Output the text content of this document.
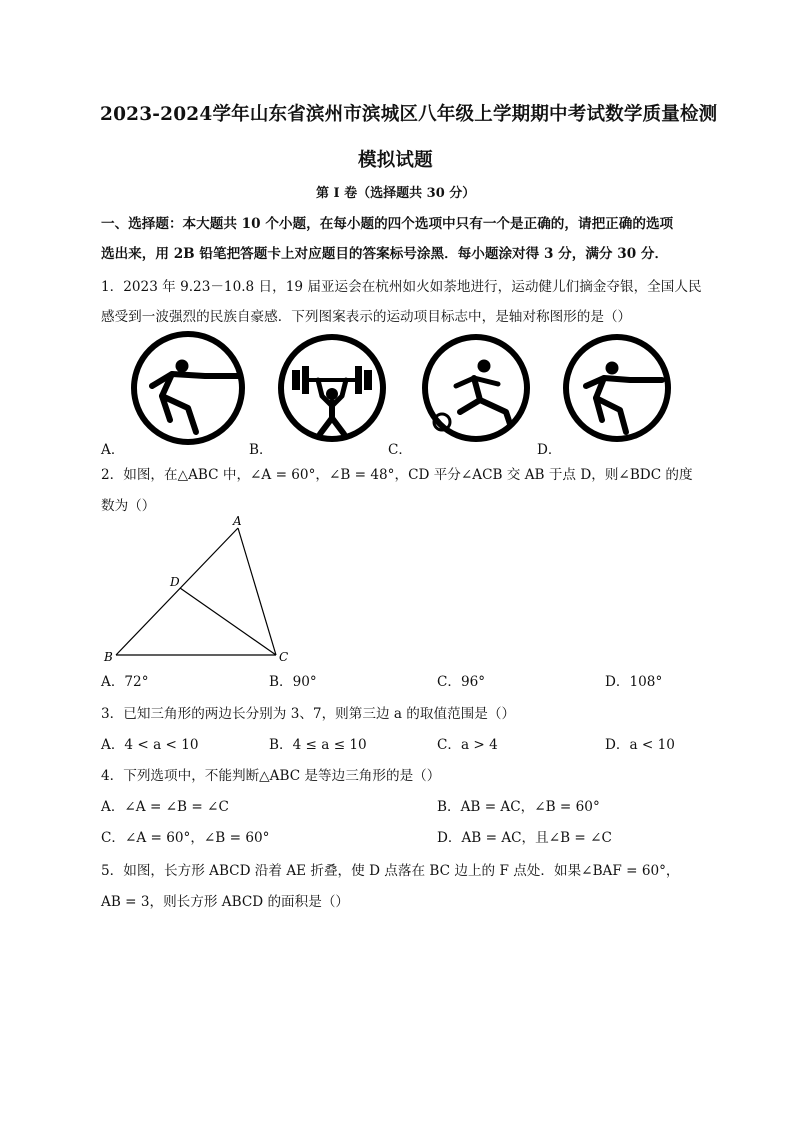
2023-2024学年山东省滨州市滨城区八年级上学期期中考试数学质量检测
模拟试题
第 I 卷（选择题共 30 分）
一、选择题：本大题共 10 个小题，在每小题的四个选项中只有一个是正确的，请把正确的选项
选出来，用 2B 铅笔把答题卡上对应题目的答案标号涂黑．每小题涂对得 3 分，满分 30 分．
1．2023 年 9.23－10.8 日，19 届亚运会在杭州如火如荼地进行，运动健儿们摘金夺银，全国人民
感受到一波强烈的民族自豪感．下列图案表示的运动项目标志中，是轴对称图形的是（）
A．	B．	C．	D．
2．如图，在△ABC 中，∠A = 60°，∠B = 48°，CD 平分∠ACB 交 AB 于点 D，则∠BDC 的度
数为（）
A
D
B	C
A．72°	B．90°	C．96°	D．108°
3．已知三角形的两边长分别为 3、7，则第三边 a 的取值范围是（）
A．4 < a < 10	B．4 ≤ a ≤ 10	C．a > 4	D．a < 10
4．下列选项中，不能判断△ABC 是等边三角形的是（）
A．∠A = ∠B = ∠C	B．AB = AC，∠B = 60°
C．∠A = 60°，∠B = 60°	D．AB = AC，且∠B = ∠C
5．如图，长方形 ABCD 沿着 AE 折叠，使 D 点落在 BC 边上的 F 点处．如果∠BAF = 60°，
AB = 3，则长方形 ABCD 的面积是（）
